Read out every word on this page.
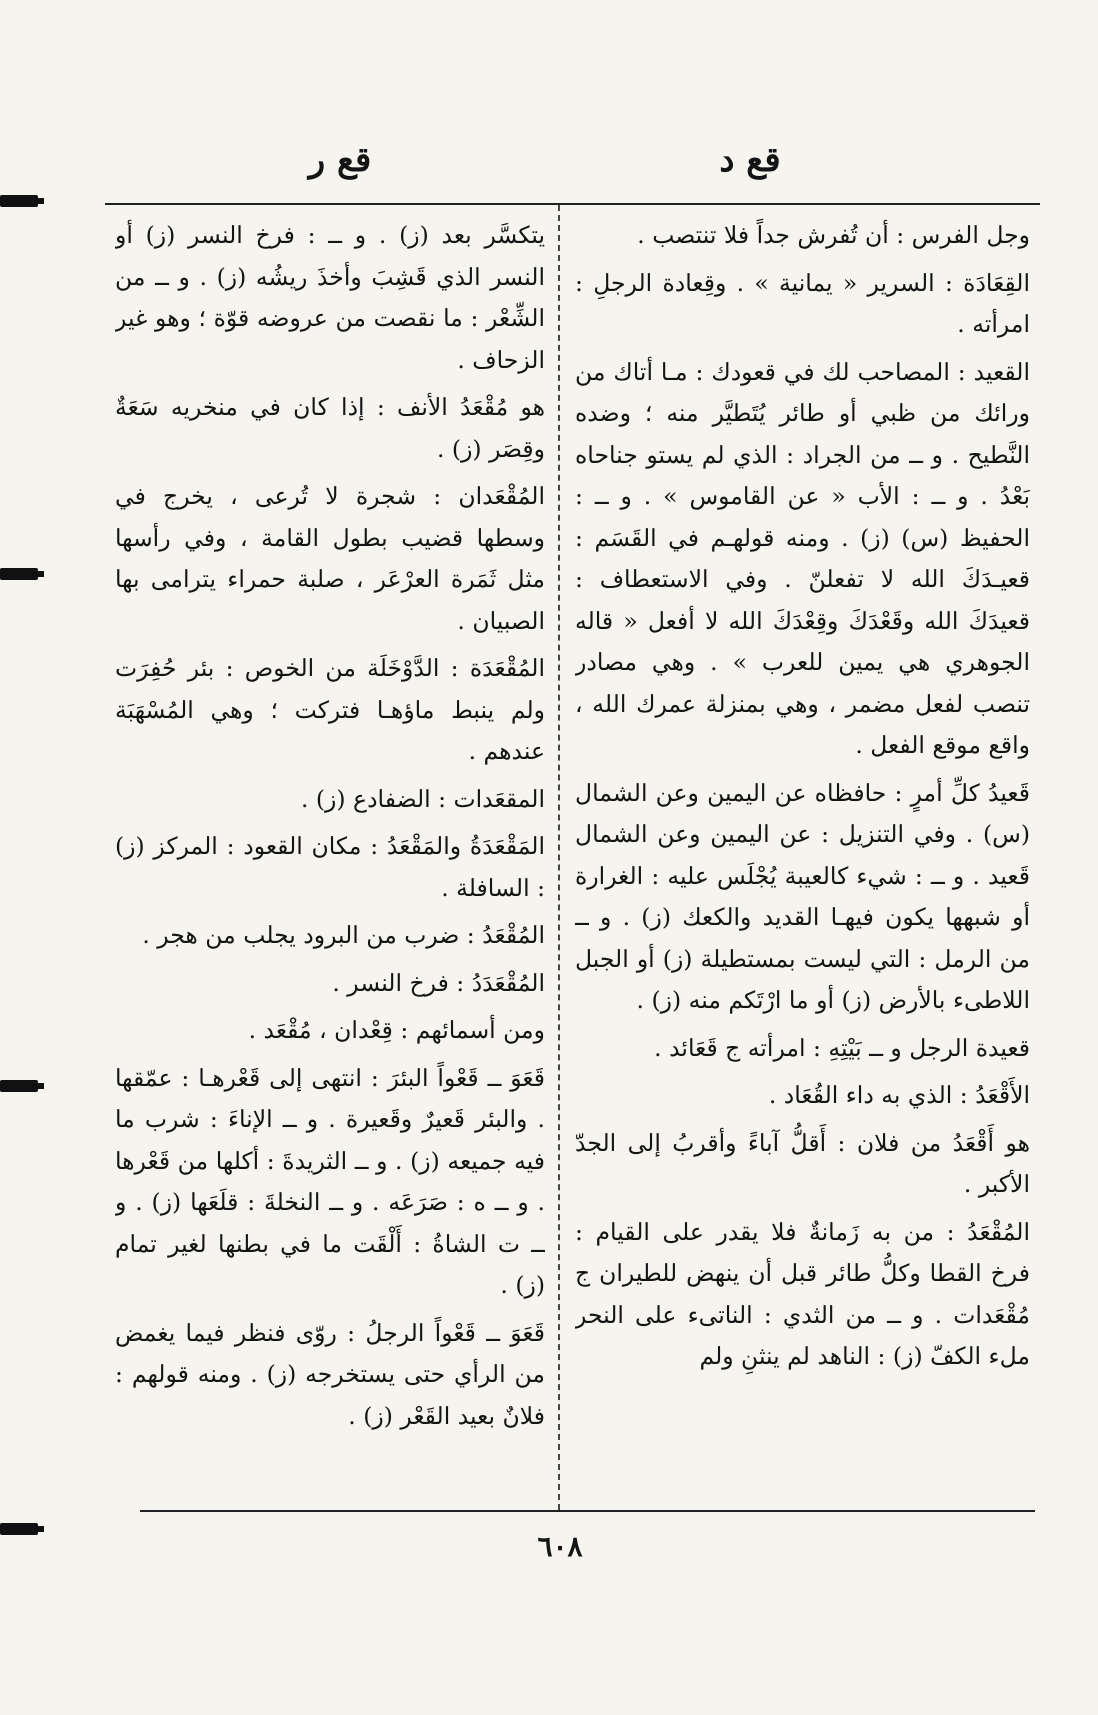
قع د
قع ر

وجل الفرس : أن تُفرش جداً فلا تنتصب .

القِعَادَة : السرير « يمانية » . وقِعادة الرجلِ : امرأته .

القعيد : المصاحب لك في قعودك : مـا أتاك من ورائك من ظبي أو طائر يُتَطيَّر منه ؛ وضده النَّطيح . و ــ من الجراد : الذي لم يستو جناحاه بَعْدُ . و ــ : الأب « عن القاموس » . و ــ : الحفيظ (س) (ز) . ومنه قولهـم في القَسَم : قعيـدَكَ الله لا تفعلنّ . وفي الاستعطاف : قعيدَكَ الله وقَعْدَكَ وقِعْدَكَ الله لا أفعل « قاله الجوهري هي يمين للعرب » . وهي مصادر تنصب لفعل مضمر ، وهي بمنزلة عمرك الله ، واقع موقع الفعل .

قَعيدُ كلِّ أمرٍ : حافظاه عن اليمين وعن الشمال (س) . وفي التنزيل : عن اليمين وعن الشمال قَعيد . و ــ : شيء كالعيبة يُجْلَس عليه : الغرارة أو شبهها يكون فيهـا القديد والكعك (ز) . و ــ من الرمل : التي ليست بمستطيلة (ز) أو الجبل اللاطىء بالأرض (ز) أو ما ارْتَكم منه (ز) .

قعيدة الرجل و ــ بَيْتِهِ : امرأته ج قَعَائد .

الأَقْعَدُ : الذي به داء القُعَاد .

هو أَقْعَدُ من فلان : أَقلُّ آباءً وأقربُ إلى الجدّ الأكبر .

المُقْعَدُ : من به زَمانةٌ فلا يقدر على القيام : فرخ القطا وكلُّ طائر قبل أن ينهض للطيران ج مُقْعَدات . و ــ من الثدي : الناتىء على النحر ملء الكفّ (ز) : الناهد لم ينثنِ ولم

يتكسَّر بعد (ز) . و ــ : فرخ النسر (ز) أو النسر الذي قَشِبَ وأخذَ ريشُه (ز) . و ــ من الشِّعْر : ما نقصت من عروضه قوّة ؛ وهو غير الزحاف .

هو مُقْعَدُ الأنف : إذا كان في منخريه سَعَةٌ وقِصَر (ز) .

المُقْعَدان : شجرة لا تُرعى ، يخرج في وسطها قضيب بطول القامة ، وفي رأسها مثل ثَمَرة العرْعَر ، صلبة حمراء يترامى بها الصبيان .

المُقْعَدَة : الدَّوْخَلَة من الخوص : بئر حُفِرَت ولم ينبط ماؤهـا فتركت ؛ وهي المُسْهَبَة عندهم .

المقعَدات : الضفادع (ز) .

المَقْعَدَةُ والمَقْعَدُ : مكان القعود : المركز (ز) : السافلة .

المُقْعَدُ : ضرب من البرود يجلب من هجر .

المُقْعَدَدُ : فرخ النسر .

ومن أسمائهم : قِعْدان ، مُقْعَد .

قَعَوَ ــ قَعْواً البئرَ : انتهى إلى قَعْرهـا : عمّقها . والبئر قَعيرٌ وقَعيرة . و ــ الإناءَ : شرب ما فيه جميعه (ز) . و ــ الثريدةَ : أكلها من قَعْرها . و ــ ه : صَرَعَه . و ــ النخلةَ : قلَعَها (ز) . و ــ ت الشاةُ : أَلْقَت ما في بطنها لغير تمام (ز) .

قَعَوَ ــ قَعْواً الرجلُ : روّى فنظر فيما يغمض من الرأي حتى يستخرجه (ز) . ومنه قولهم : فلانٌ بعيد القَعْر (ز) .

٦٠٨
